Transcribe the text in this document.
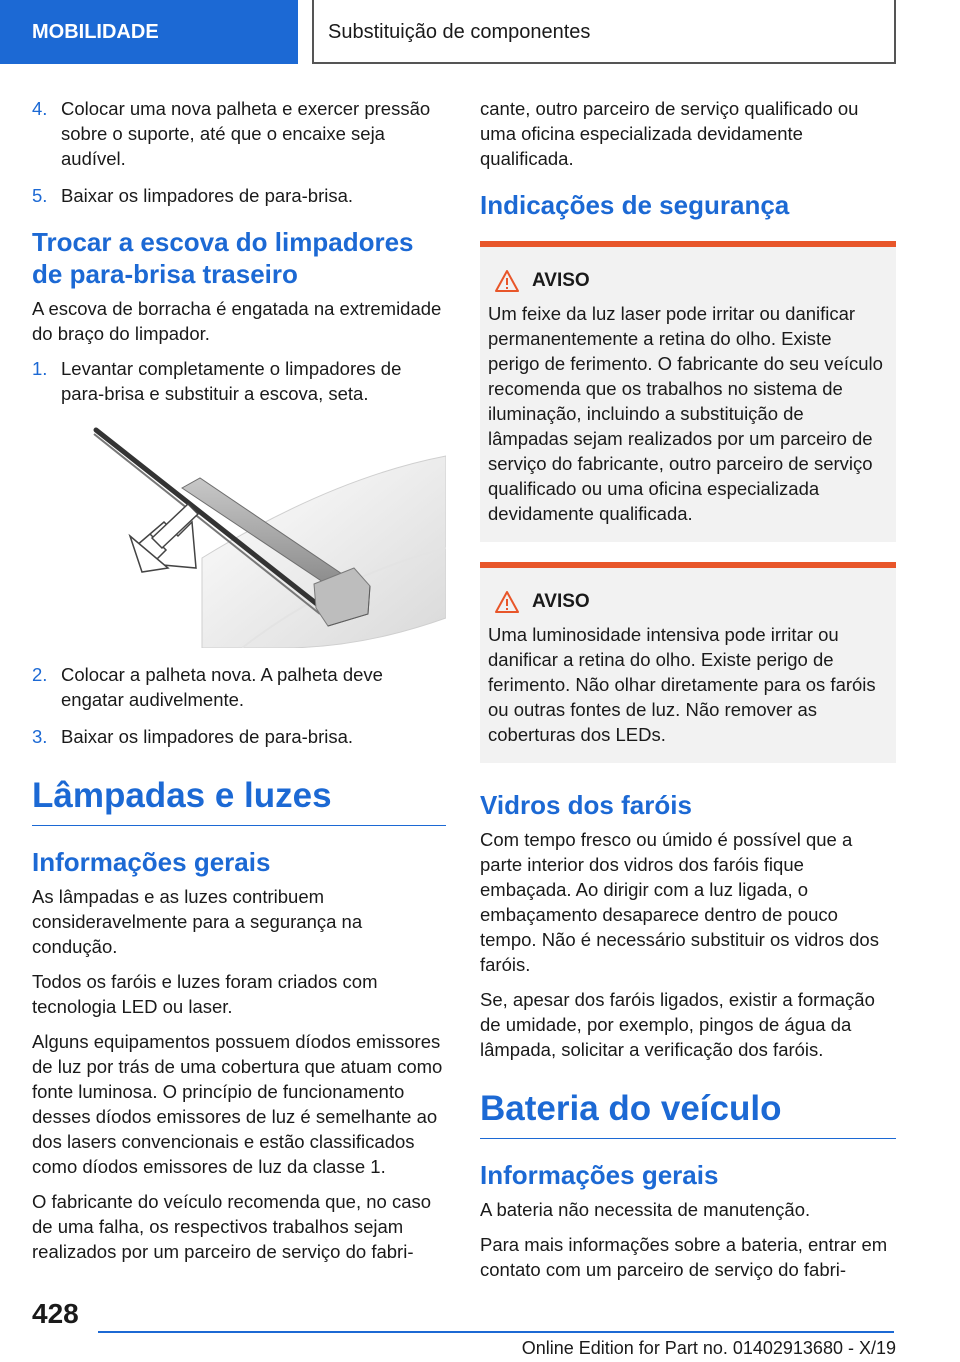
MOBILIDADE	Substituição de componentes
4. Colocar uma nova palheta e exercer pressão sobre o suporte, até que o encaixe seja audível.
5. Baixar os limpadores de para-brisa.
Trocar a escova do limpadores de para-brisa traseiro

A escova de borracha é engatada na extremidade do braço do limpador.

1. Levantar completamente o limpadores de para-brisa e substituir a escova, seta.
2. Colocar a palheta nova. A palheta deve engatar audivelmente.
3. Baixar os limpadores de para-brisa.
Lâmpadas e luzes
Informações gerais

As lâmpadas e as luzes contribuem consideravelmente para a segurança na condução.

Todos os faróis e luzes foram criados com tecnologia LED ou laser.

Alguns equipamentos possuem díodos emissores de luz por trás de uma cobertura que atuam como fonte luminosa. O princípio de funcionamento desses díodos emissores de luz é semelhante ao dos lasers convencionais e estão classificados como díodos emissores de luz da classe 1.

O fabricante do veículo recomenda que, no caso de uma falha, os respectivos trabalhos sejam realizados por um parceiro de serviço do fabri-

cante, outro parceiro de serviço qualificado ou uma oficina especializada devidamente qualificada.

Indicações de segurança
AVISO

Um feixe da luz laser pode irritar ou danificar permanentemente a retina do olho. Existe perigo de ferimento. O fabricante do seu veículo recomenda que os trabalhos no sistema de iluminação, incluindo a substituição de lâmpadas sejam realizados por um parceiro de serviço do fabricante, outro parceiro de serviço qualificado ou uma oficina especializada devidamente qualificada.

AVISO

Uma luminosidade intensiva pode irritar ou danificar a retina do olho. Existe perigo de ferimento. Não olhar diretamente para os faróis ou outras fontes de luz. Não remover as coberturas dos LEDs.

Vidros dos faróis

Com tempo fresco ou úmido é possível que a parte interior dos vidros dos faróis fique embaçada. Ao dirigir com a luz ligada, o embaçamento desaparece dentro de pouco tempo. Não é necessário substituir os vidros dos faróis.

Se, apesar dos faróis ligados, existir a formação de umidade, por exemplo, pingos de água da lâmpada, solicitar a verificação dos faróis.

Bateria do veículo
Informações gerais

A bateria não necessita de manutenção.

Para mais informações sobre a bateria, entrar em contato com um parceiro de serviço do fabri-

428
Online Edition for Part no. 01402913680 - X/19
